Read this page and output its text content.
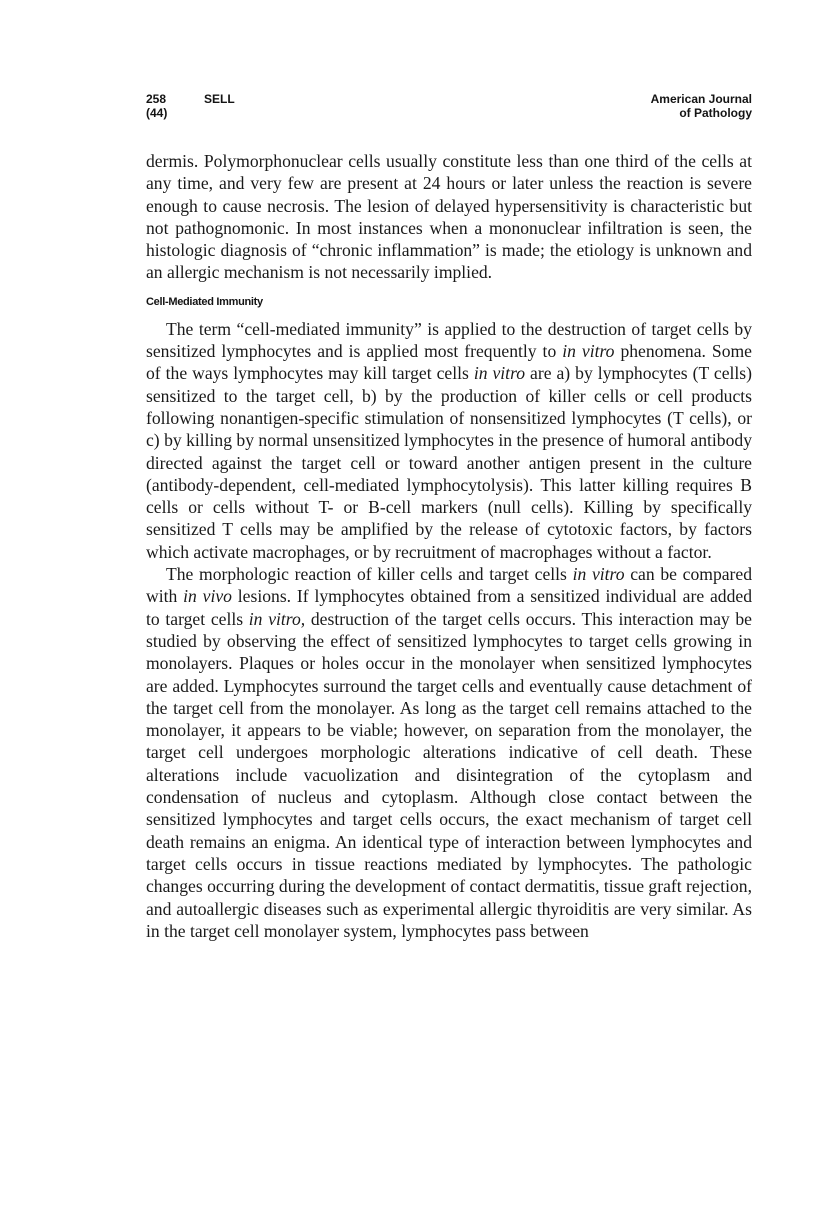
258
(44)
SELL	American Journal
of Pathology

dermis. Polymorphonuclear cells usually constitute less than one third of the cells at any time, and very few are present at 24 hours or later unless the reaction is severe enough to cause necrosis. The lesion of delayed hypersensitivity is characteristic but not pathognomonic. In most instances when a mononuclear infiltration is seen, the histologic diagnosis of “chronic inflammation” is made; the etiology is unknown and an allergic mechanism is not necessarily implied.

Cell-Mediated Immunity

The term “cell-mediated immunity” is applied to the destruction of target cells by sensitized lymphocytes and is applied most frequently to in vitro phenomena. Some of the ways lymphocytes may kill target cells in vitro are a) by lymphocytes (T cells) sensitized to the target cell, b) by the production of killer cells or cell products following nonantigen-specific stimulation of nonsensitized lymphocytes (T cells), or c) by killing by normal unsensitized lymphocytes in the presence of humoral antibody directed against the target cell or toward another antigen present in the culture (antibody-dependent, cell-mediated lymphocytolysis). This latter killing requires B cells or cells without T- or B-cell markers (null cells). Killing by specifically sensitized T cells may be amplified by the release of cytotoxic factors, by factors which activate macrophages, or by recruitment of macrophages without a factor.

The morphologic reaction of killer cells and target cells in vitro can be compared with in vivo lesions. If lymphocytes obtained from a sensitized individual are added to target cells in vitro, destruction of the target cells occurs. This interaction may be studied by observing the effect of sensitized lymphocytes to target cells growing in monolayers. Plaques or holes occur in the monolayer when sensitized lymphocytes are added. Lymphocytes surround the target cells and eventually cause detachment of the target cell from the monolayer. As long as the target cell remains attached to the monolayer, it appears to be viable; however, on separation from the monolayer, the target cell undergoes morphologic alterations indicative of cell death. These alterations include vacuolization and disintegration of the cytoplasm and condensation of nucleus and cytoplasm. Although close contact between the sensitized lymphocytes and target cells occurs, the exact mechanism of target cell death remains an enigma. An identical type of interaction between lymphocytes and target cells occurs in tissue reactions mediated by lymphocytes. The pathologic changes occurring during the development of contact dermatitis, tissue graft rejection, and autoallergic diseases such as experimental allergic thyroiditis are very similar. As in the target cell monolayer system, lymphocytes pass between
